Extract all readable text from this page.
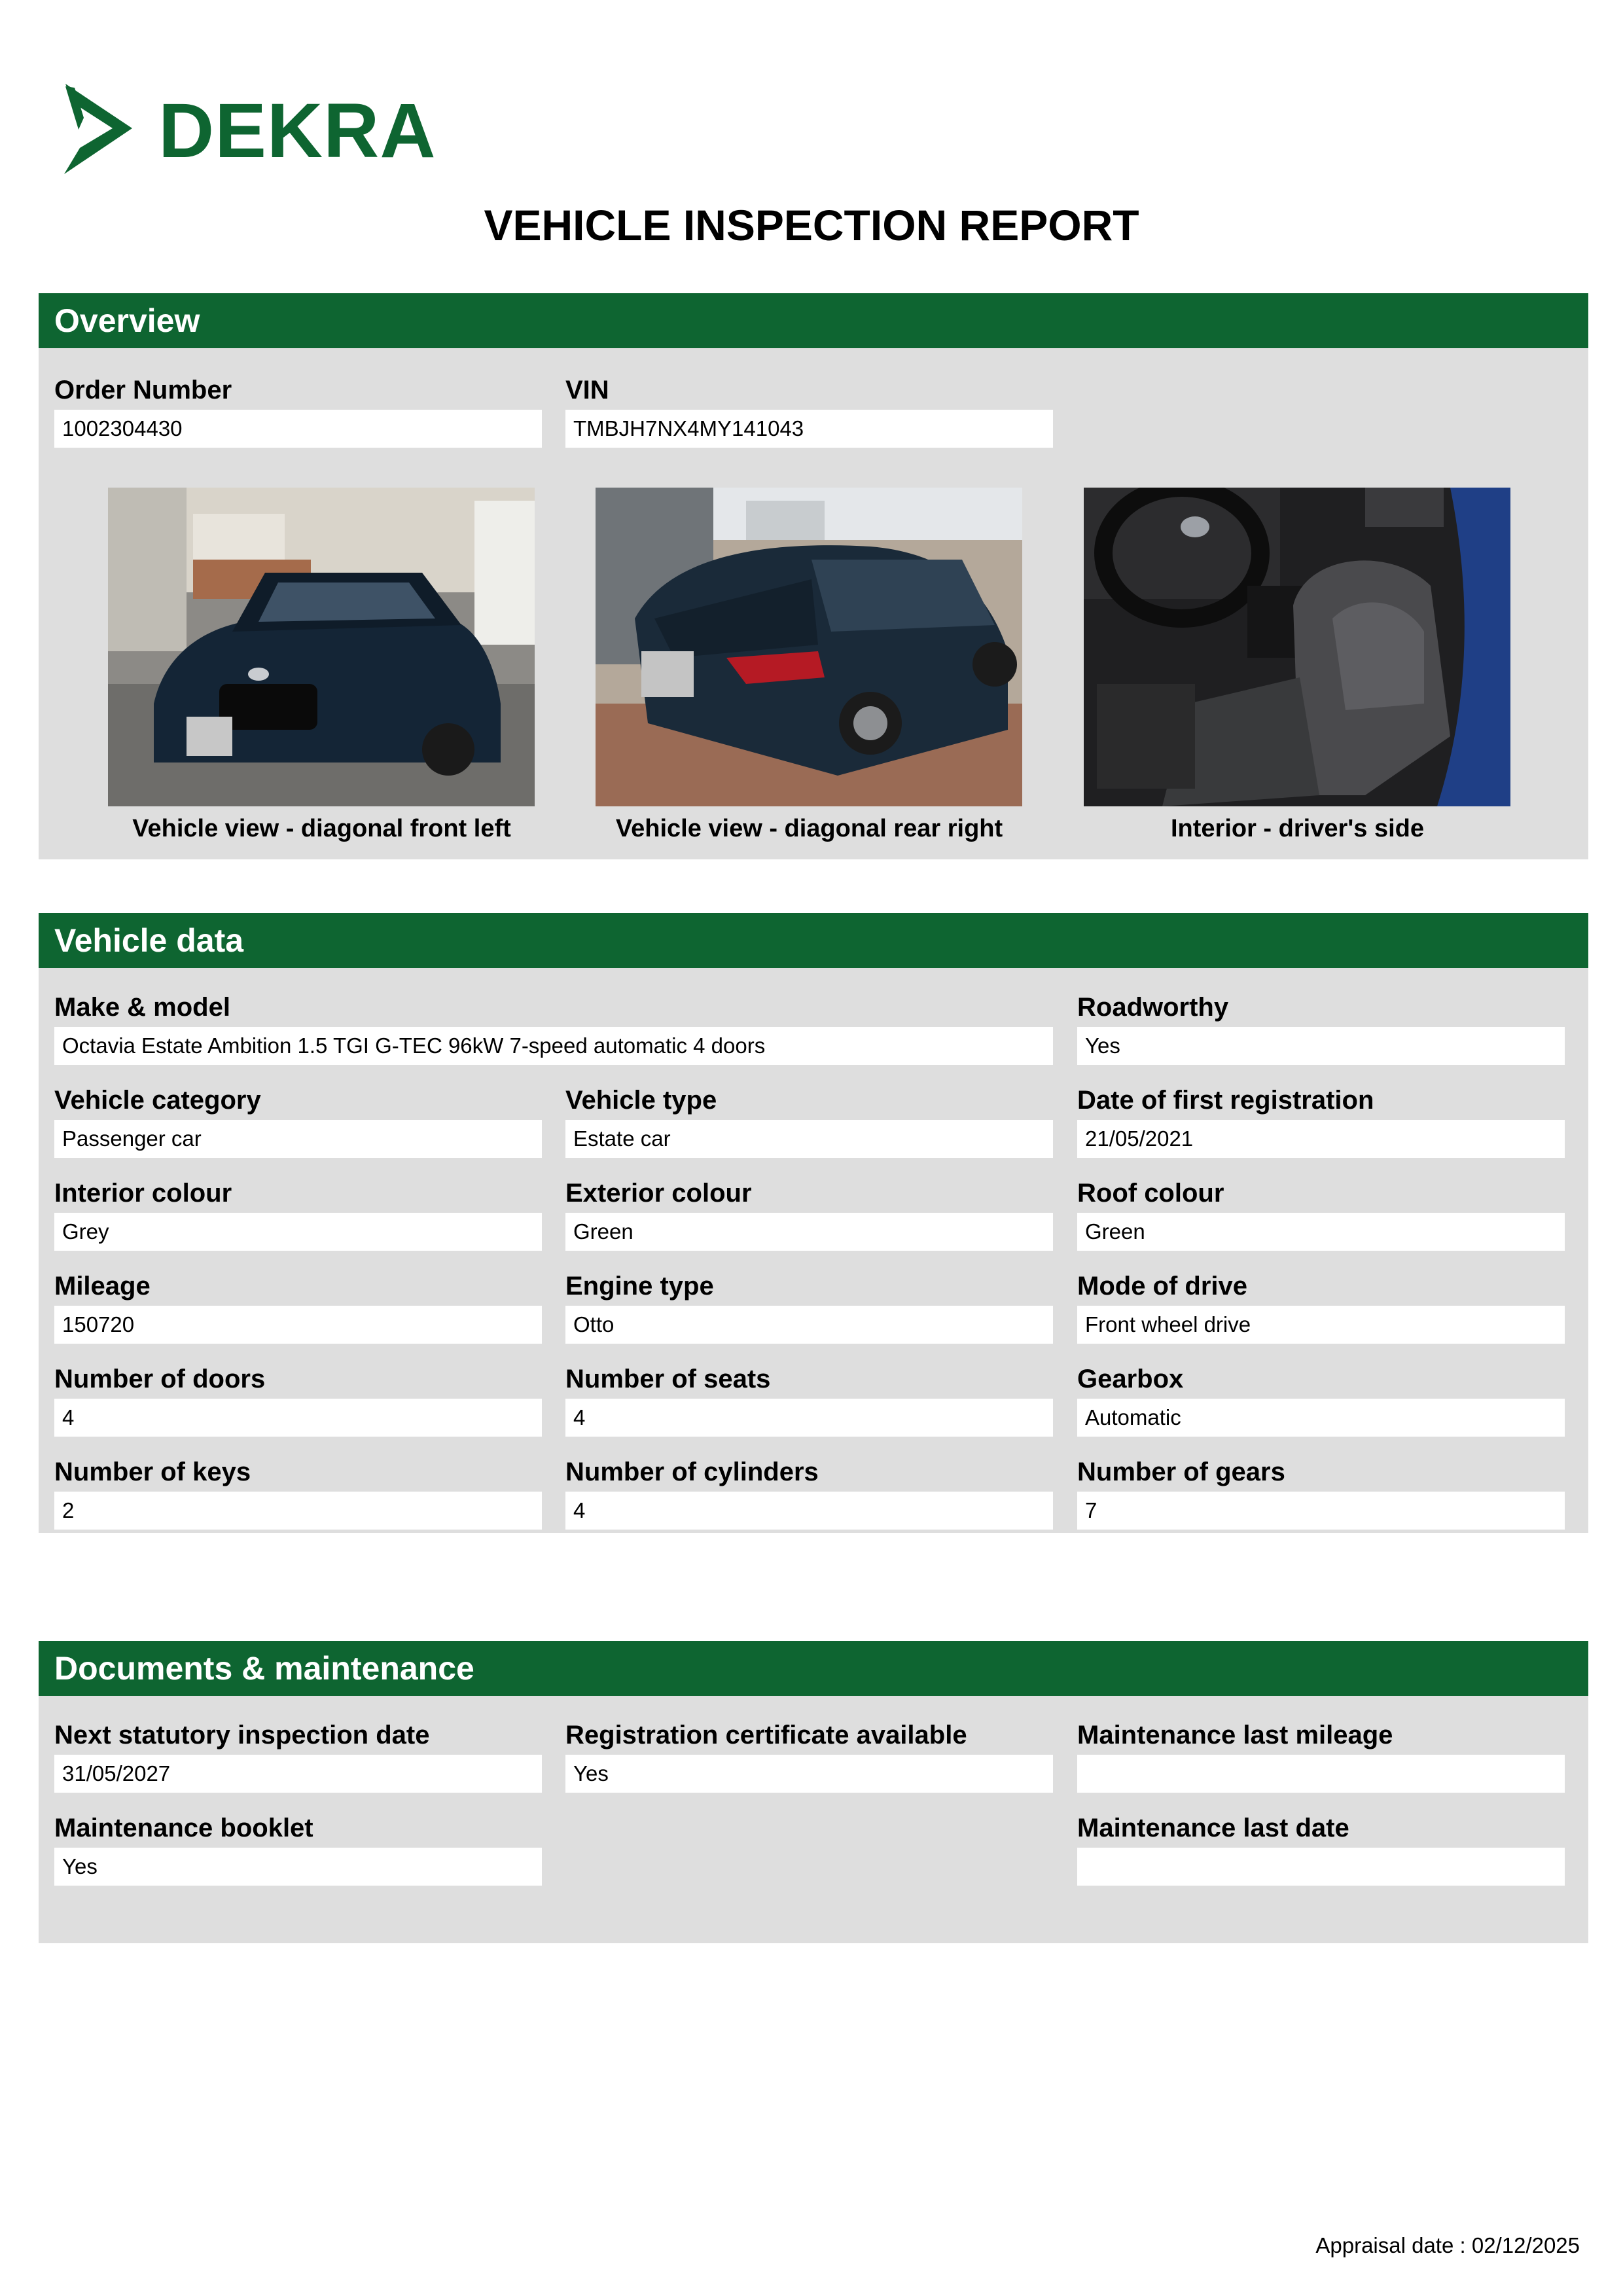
DEKRA
VEHICLE INSPECTION REPORT
Overview
Order Number
1002304430
VIN
TMBJH7NX4MY141043
Vehicle view - diagonal front left	Vehicle view - diagonal rear right	Interior - driver's side
Vehicle data
Make & model
Octavia Estate Ambition 1.5 TGI G-TEC 96kW 7-speed automatic 4 doors
Roadworthy
Yes
Vehicle category
Passenger car
Vehicle type
Estate car
Date of first registration
21/05/2021
Interior colour
Grey
Exterior colour
Green
Roof colour
Green
Mileage
150720
Engine type
Otto
Mode of drive
Front wheel drive
Number of doors
4
Number of seats
4
Gearbox
Automatic
Number of keys
2
Number of cylinders
4
Number of gears
7
Documents & maintenance
Next statutory inspection date
31/05/2027
Registration certificate available
Yes
Maintenance last mileage
Maintenance booklet
Yes
Maintenance last date
Appraisal date : 02/12/2025
